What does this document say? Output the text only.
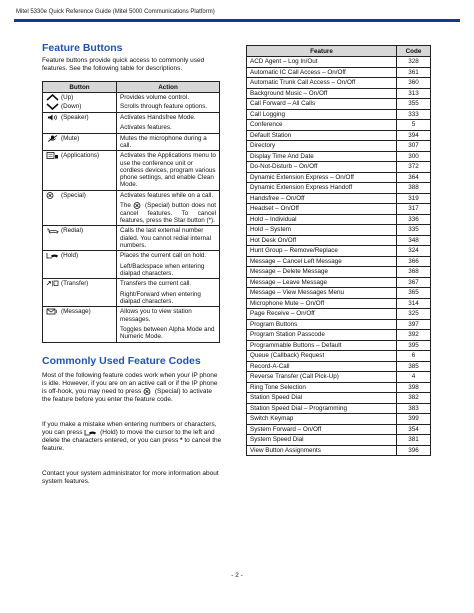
Mitel 5330e Quick Reference Guide (Mitel 5000 Communications Platform)
Feature Buttons
Feature buttons provide quick access to commonly used features. See the following table for descriptions.
Button	Action

(Up)	Provides volume control.

(Down)	Scrolls through feature options.

(Speaker)	Activates Handsfree Mode.
	Activates features.

(Mute)	Mutes the microphone during a call.

(Applications)	Activates the Applications menu to use the conference unit or cordless devices, program various phone settings, and enable Clean Mode.

(Special)	Activates features while on a call.
	The (Special) button does not cancel features. To cancel features, press the Star button (*).

(Redial)	Calls the last external number dialed. You cannot redial internal numbers.

(Hold)	Places the current call on hold.
	Left/Backspace when entering dialpad characters.

(Transfer)	Transfers the current call.
	Right/Forward when entering dialpad characters.

(Message)	Allows you to view station messages.
	Toggles between Alpha Mode and Numeric Mode.
Commonly Used Feature Codes
Most of the following feature codes work when your IP phone is idle. However, if you are on an active call or if the IP phone is off-hook, you may need to press (Special) to activate the feature before you enter the feature code.
If you make a mistake when entering numbers or characters, you can press	(Hold) to move the cursor to the left and delete the characters entered, or you can press * to cancel the feature.
Contact your system administrator for more information about system features.
Feature	Code
ACD Agent – Log In/Out	328
Automatic IC Call Access – On/Off	361
Automatic Trunk Call Access – On/Off	360
Background Music – On/Off	313
Call Forward – All Calls	355
Call Logging	333
Conference	5
Default Station	394
Directory	307
Display Time And Date	300
Do-Not-Disturb – On/Off	372
Dynamic Extension Express – On/Off	364
Dynamic Extension Express Handoff	388
Handsfree – On/Off	319
Headset – On/Off	317
Hold – Individual	336
Hold – System	335
Hot Desk On/Off	348
Hunt Group – Remove/Replace	324
Message – Cancel Left Message	366
Message – Delete Message	368
Message – Leave Message	367
Message – View Messages Menu	365
Microphone Mute – On/Off	314
Page Receive – On/Off	325
Program Buttons	397
Program Station Passcode	392
Programmable Buttons – Default	395
Queue (Callback) Request	6
Record-A-Call	385
Reverse Transfer (Call Pick-Up)	4
Ring Tone Selection	398
Station Speed Dial	382
Station Speed Dial – Programming	383
Switch Keymap	399
System Forward – On/Off	354
System Speed Dial	381
View Button Assignments	396
- 2 -
